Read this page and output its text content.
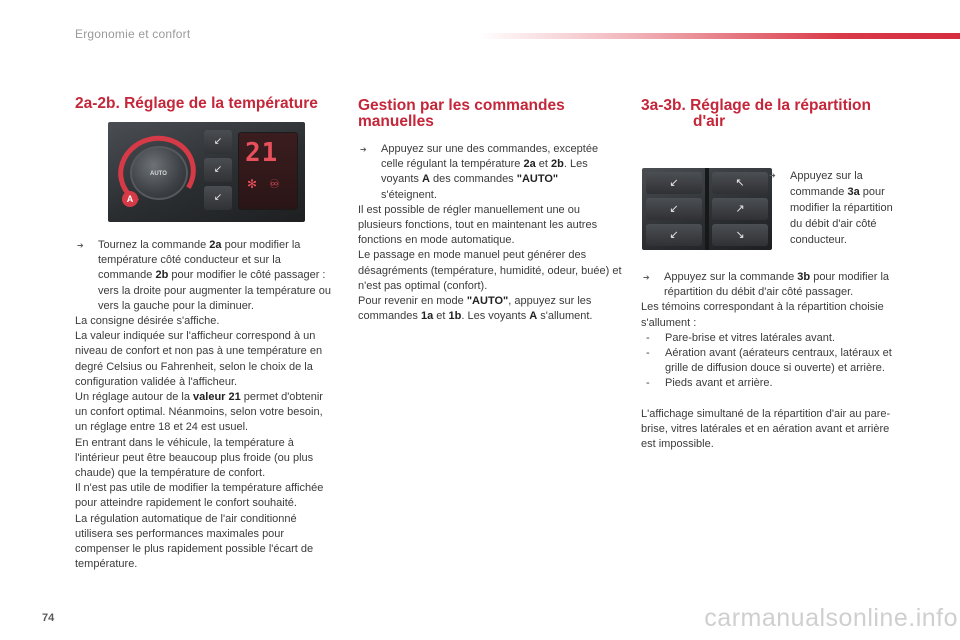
Ergonomie et confort
2a-2b. Réglage de la température
AUTO
A
↙
↙
↙
21
✻ ♾
➔ Tournez la commande 2a pour modifier la température côté conducteur et sur la commande 2b pour modifier le côté passager : vers la droite pour augmenter la température ou vers la gauche pour la diminuer.

La consigne désirée s'affiche.

La valeur indiquée sur l'afficheur correspond à un niveau de confort et non pas à une température en degré Celsius ou Fahrenheit, selon le choix de la configuration validée à l'afficheur.

Un réglage autour de la valeur 21 permet d'obtenir un confort optimal. Néanmoins, selon votre besoin, un réglage entre 18 et 24 est usuel.

En entrant dans le véhicule, la température à l'intérieur peut être beaucoup plus froide (ou plus chaude) que la température de confort.

Il n'est pas utile de modifier la température affichée pour atteindre rapidement le confort souhaité.

La régulation automatique de l'air conditionné utilisera ses performances maximales pour compenser le plus rapidement possible l'écart de température.

Gestion par les commandes manuelles
➔ Appuyez sur une des commandes, exceptée celle régulant la température 2a et 2b. Les voyants A des commandes "AUTO" s'éteignent.

Il est possible de régler manuellement une ou plusieurs fonctions, tout en maintenant les autres fonctions en mode automatique.

Le passage en mode manuel peut générer des désagréments (température, humidité, odeur, buée) et n'est pas optimal (confort).

Pour revenir en mode "AUTO", appuyez sur les commandes 1a et 1b. Les voyants A s'allument.

3a-3b. Réglage de la répartition
d'air
↙
↙
↙
↖
↗
↘
➔ Appuyez sur la commande 3a pour modifier la répartition du débit d'air côté conducteur.
➔ Appuyez sur la commande 3b pour modifier la répartition du débit d'air côté passager.

Les témoins correspondant à la répartition choisie s'allument :

- Pare-brise et vitres latérales avant.
- Aération avant (aérateurs centraux, latéraux et grille de diffusion douce si ouverte) et arrière.
- Pieds avant et arrière.

L'affichage simultané de la répartition d'air au pare-brise, vitres latérales et en aération avant et arrière est impossible.

74	carmanualsonline.info
